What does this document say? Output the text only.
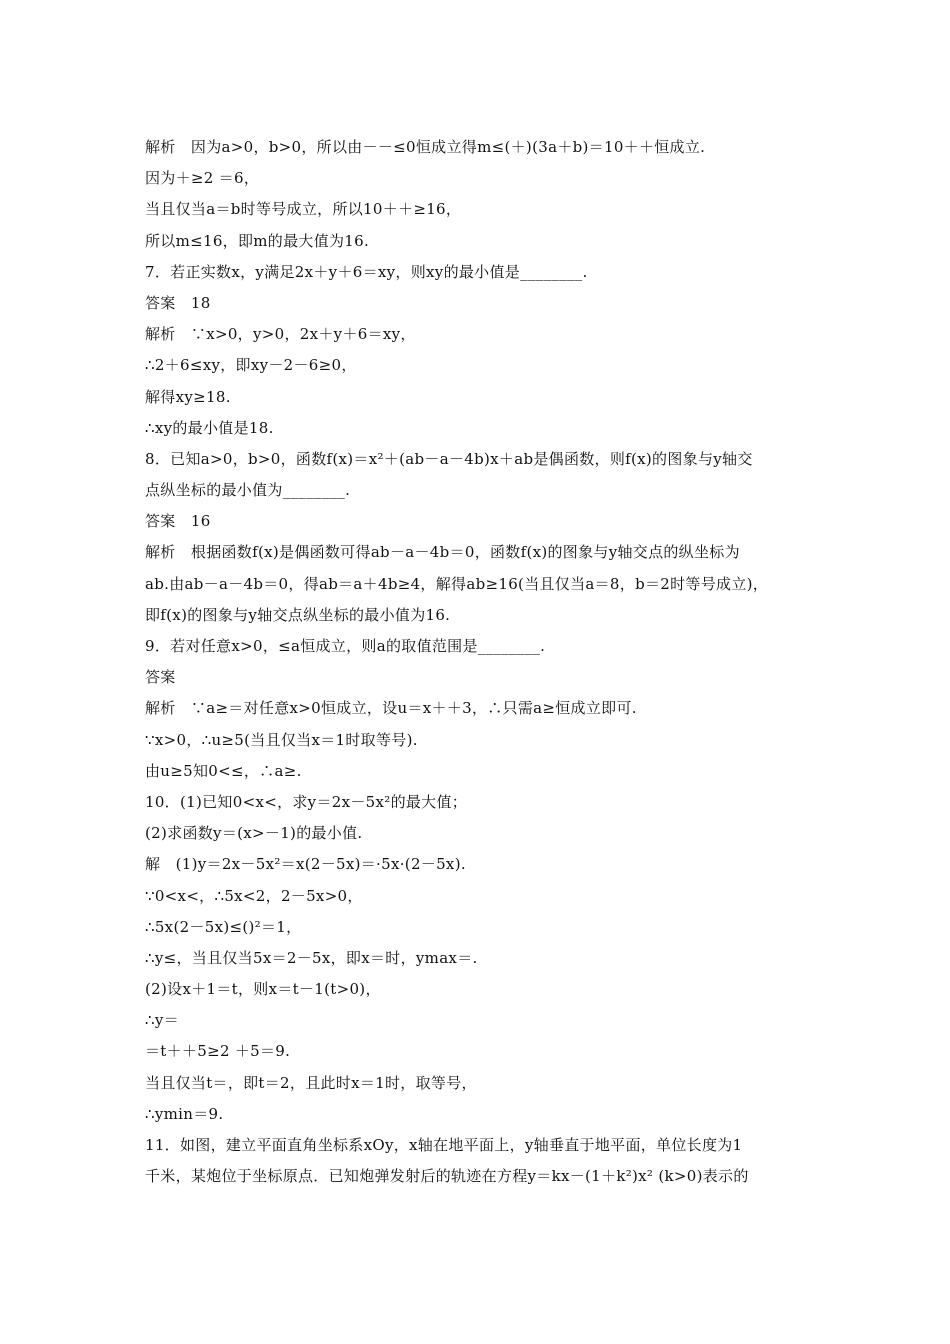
解析　因为a>0，b>0，所以由－－≤0恒成立得m≤(＋)(3a＋b)＝10＋＋恒成立.
因为＋≥2 ＝6，
当且仅当a＝b时等号成立，所以10＋＋≥16，
所以m≤16，即m的最大值为16.
7．若正实数x，y满足2x＋y＋6＝xy，则xy的最小值是________.
答案　18
解析　∵x>0，y>0，2x＋y＋6＝xy，
∴2＋6≤xy，即xy－2－6≥0，
解得xy≥18.
∴xy的最小值是18.
8．已知a>0，b>0，函数f(x)＝x²＋(ab－a－4b)x＋ab是偶函数，则f(x)的图象与y轴交
点纵坐标的最小值为________.
答案　16
解析　根据函数f(x)是偶函数可得ab－a－4b＝0，函数f(x)的图象与y轴交点的纵坐标为
ab.由ab－a－4b＝0，得ab＝a＋4b≥4，解得ab≥16(当且仅当a＝8，b＝2时等号成立)，
即f(x)的图象与y轴交点纵坐标的最小值为16.
9．若对任意x>0，≤a恒成立，则a的取值范围是________.
答案
解析　∵a≥＝对任意x>0恒成立，设u＝x＋＋3，∴只需a≥恒成立即可.
∵x>0，∴u≥5(当且仅当x＝1时取等号).
由u≥5知0<≤，∴a≥.
10．(1)已知0<x<，求y＝2x－5x²的最大值；
(2)求函数y＝(x>－1)的最小值.
解　(1)y＝2x－5x²＝x(2－5x)＝·5x·(2－5x).
∵0<x<，∴5x<2，2－5x>0，
∴5x(2－5x)≤()²＝1，
∴y≤，当且仅当5x＝2－5x，即x＝时，ymax＝.
(2)设x＋1＝t，则x＝t－1(t>0)，
∴y＝
＝t＋＋5≥2 ＋5＝9.
当且仅当t＝，即t＝2，且此时x＝1时，取等号，
∴ymin＝9.
11．如图，建立平面直角坐标系xOy，x轴在地平面上，y轴垂直于地平面，单位长度为1
千米，某炮位于坐标原点．已知炮弹发射后的轨迹在方程y＝kx－(1＋k²)x² (k>0)表示的
